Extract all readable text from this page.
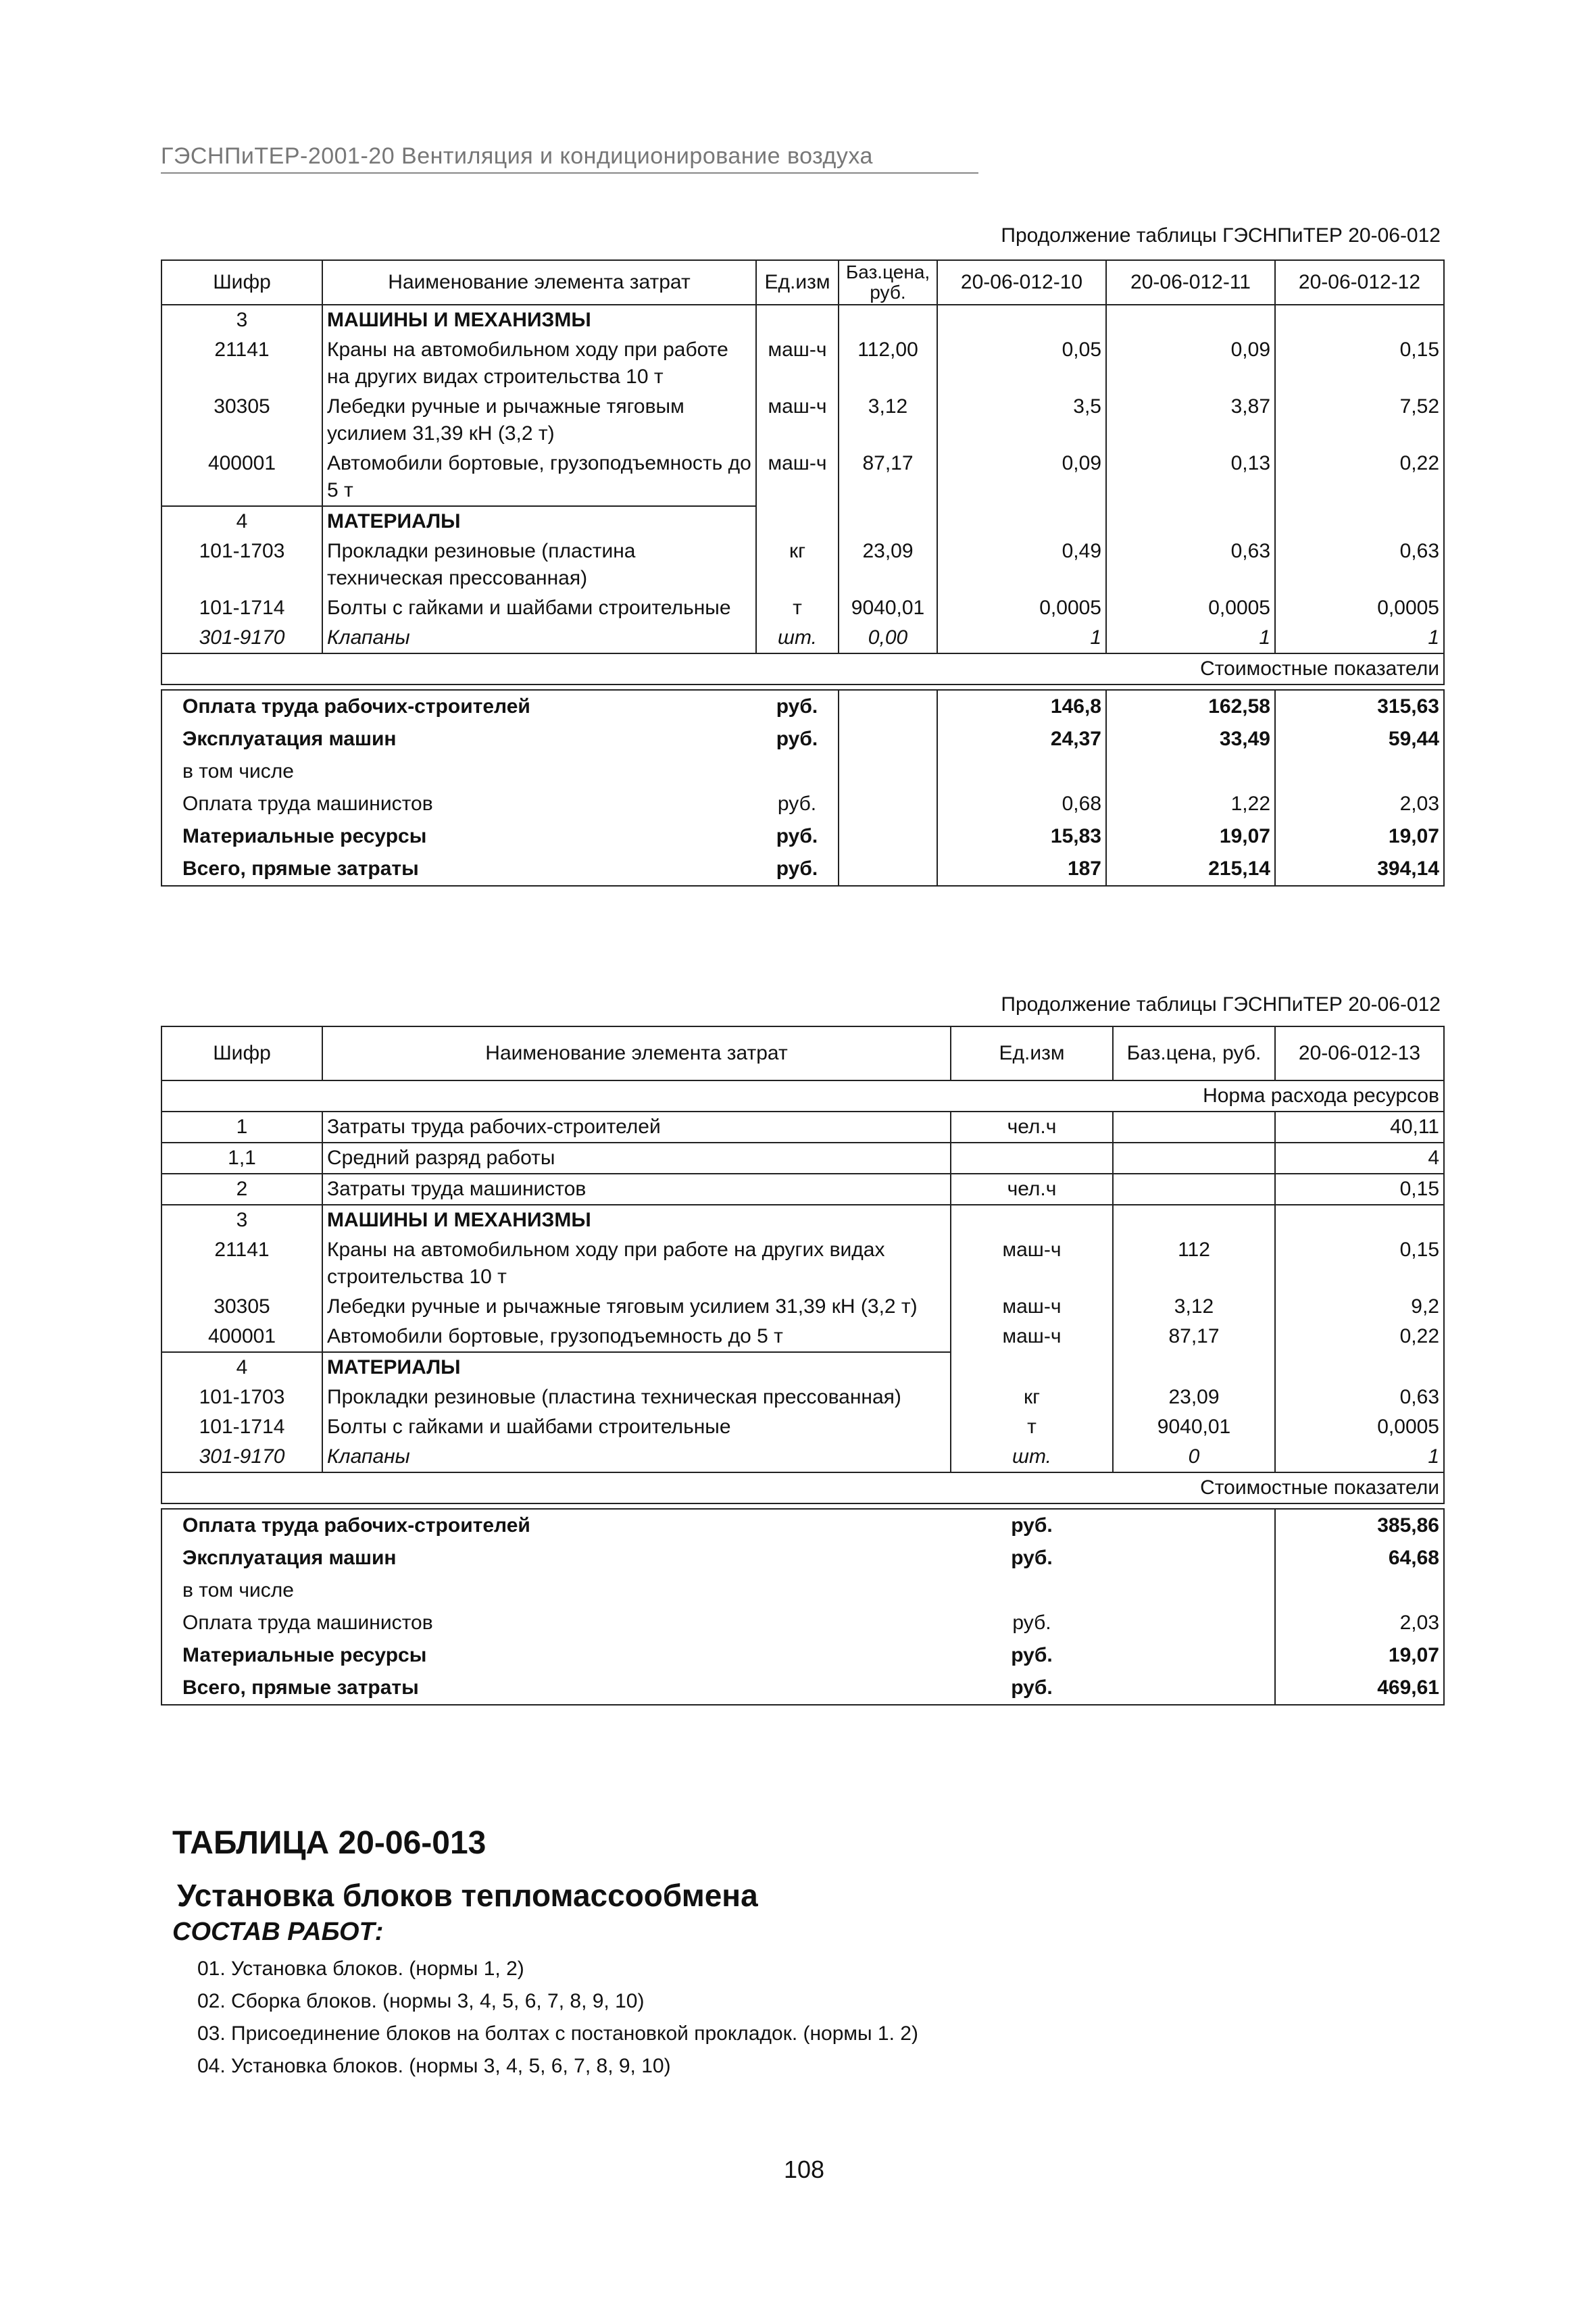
ГЭСНПиТЕР-2001-20 Вентиляция и кондиционирование воздуха
Продолжение таблицы ГЭСНПиТЕР 20-06-012
Шифр	Наименование элемента затрат	Ед.изм	Баз.цена, руб.	20-06-012-10	20-06-012-11	20-06-012-12
3	МАШИНЫ И МЕХАНИЗМЫ					
21141	Краны на автомобильном ходу при работе на других видах строительства 10 т	маш-ч	112,00	0,05	0,09	0,15
30305	Лебедки ручные и рычажные тяговым усилием 31,39 кН (3,2 т)	маш-ч	3,12	3,5	3,87	7,52
400001	Автомобили бортовые, грузоподъемность до 5 т	маш-ч	87,17	0,09	0,13	0,22
4	МАТЕРИАЛЫ					
101-1703	Прокладки резиновые (пластина техническая прессованная)	кг	23,09	0,49	0,63	0,63
101-1714	Болты с гайками и шайбами строительные	т	9040,01	0,0005	0,0005	0,0005
301-9170	Клапаны	шт.	0,00	1	1	1
				Стоимостные показатели		

Оплата труда рабочих-строителей		руб.		146,8	162,58	315,63
Эксплуатация машин		руб.		24,37	33,49	59,44
в том числе						
Оплата труда машинистов		руб.		0,68	1,22	2,03
Материальные ресурсы		руб.		15,83	19,07	19,07
Всего, прямые затраты		руб.		187	215,14	394,14
Продолжение таблицы ГЭСНПиТЕР 20-06-012
Шифр	Наименование элемента затрат	Ед.изм	Баз.цена, руб.	20-06-012-13
			Норма расхода ресурсов	
1	Затраты труда рабочих-строителей	чел.ч		40,11
1,1	Средний разряд работы			4
2	Затраты труда машинистов	чел.ч		0,15
3	МАШИНЫ И МЕХАНИЗМЫ			
21141	Краны на автомобильном ходу при работе на других видах строительства 10 т	маш-ч	112	0,15
30305	Лебедки ручные и рычажные тяговым усилием 31,39 кН (3,2 т)	маш-ч	3,12	9,2
400001	Автомобили бортовые, грузоподъемность до 5 т	маш-ч	87,17	0,22
4	МАТЕРИАЛЫ			
101-1703	Прокладки резиновые (пластина техническая прессованная)	кг	23,09	0,63
101-1714	Болты с гайками и шайбами строительные	т	9040,01	0,0005
301-9170	Клапаны	шт.	0	1
			Стоимостные показатели	

Оплата труда рабочих-строителей		руб.		385,86
Эксплуатация машин		руб.		64,68
в том числе				
Оплата труда машинистов		руб.		2,03
Материальные ресурсы		руб.		19,07
Всего, прямые затраты		руб.		469,61
ТАБЛИЦА 20-06-013
Установка блоков тепломассообмена
СОСТАВ РАБОТ:
01. Установка блоков. (нормы 1, 2)
02. Сборка блоков. (нормы 3, 4, 5, 6, 7, 8, 9, 10)
03. Присоединение блоков на болтах с постановкой прокладок. (нормы 1. 2)
04. Установка блоков. (нормы 3, 4, 5, 6, 7, 8, 9, 10)
108
